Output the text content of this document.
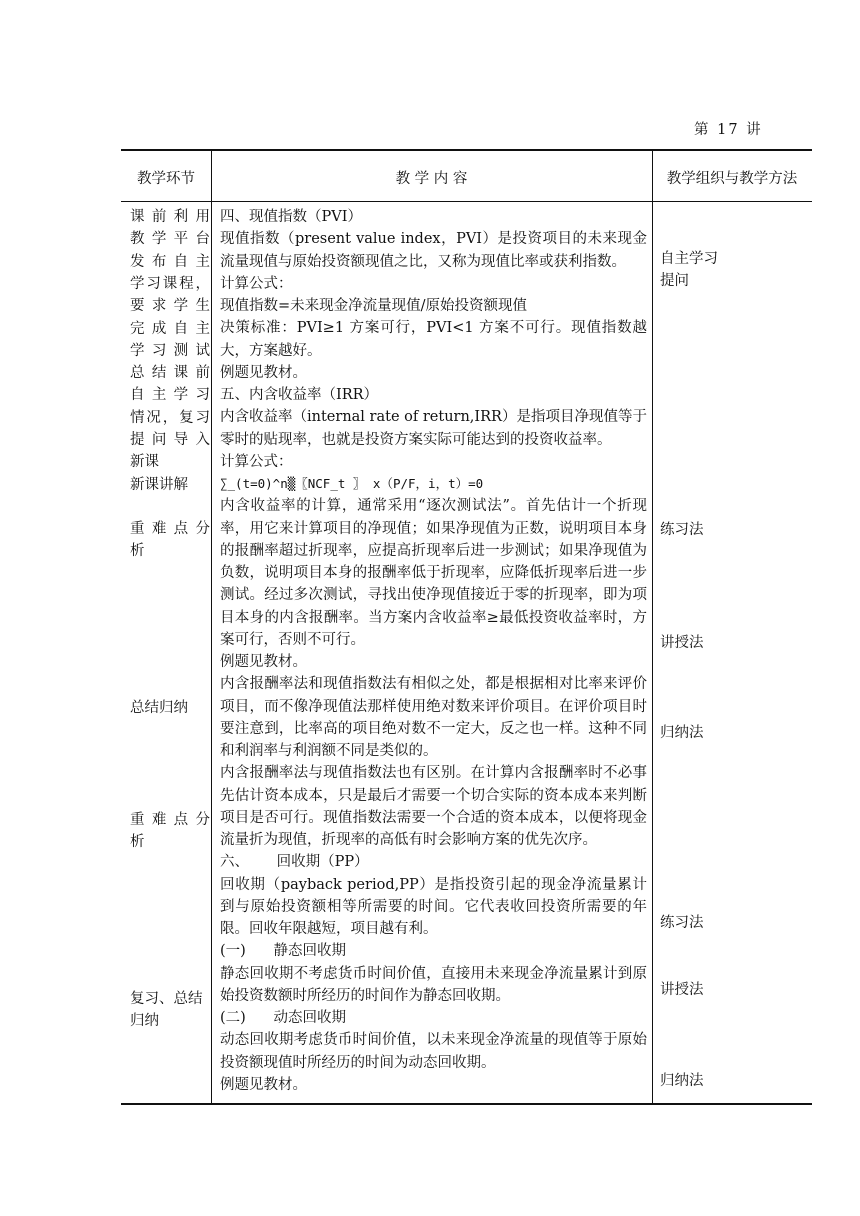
第 17 讲
教学环节	教 学 内 容	教学组织与教学方法
课前利用
教学平台
发布自主
学习课程，
要求学生
完成自主
学习测试
总结课前
自主学习
情况，复习
提问导入
新课
新课讲解
重难点分
析
总结归纳
重难点分
析
复习、总结
归纳

四、现值指数（PVI）

现值指数（present value index，PVI）是投资项目的未来现金流量现值与原始投资额现值之比，又称为现值比率或获利指数。

计算公式：

现值指数=未来现金净流量现值/原始投资额现值

决策标准：PVI≥1 方案可行，PVI<1 方案不可行。现值指数越大，方案越好。

例题见教材。

五、内含收益率（IRR）

内含收益率（internal rate of return,IRR）是指项目净现值等于零时的贴现率，也就是投资方案实际可能达到的投资收益率。

计算公式：

∑_(t=0)^n▒〖NCF_t 〗 x（P/F，i，t）=0

内含收益率的计算，通常采用“逐次测试法”。首先估计一个折现率，用它来计算项目的净现值；如果净现值为正数，说明项目本身的报酬率超过折现率，应提高折现率后进一步测试；如果净现值为负数，说明项目本身的报酬率低于折现率，应降低折现率后进一步测试。经过多次测试，寻找出使净现值接近于零的折现率，即为项目本身的内含报酬率。当方案内含收益率≥最低投资收益率时，方案可行，否则不可行。

例题见教材。

内含报酬率法和现值指数法有相似之处，都是根据相对比率来评价项目，而不像净现值法那样使用绝对数来评价项目。在评价项目时要注意到，比率高的项目绝对数不一定大，反之也一样。这种不同和利润率与利润额不同是类似的。

内含报酬率法与现值指数法也有区别。在计算内含报酬率时不必事先估计资本成本，只是最后才需要一个切合实际的资本成本来判断项目是否可行。现值指数法需要一个合适的资本成本，以便将现金流量折为现值，折现率的高低有时会影响方案的优先次序。

六、      回收期（PP）

回收期（payback period,PP）是指投资引起的现金净流量累计到与原始投资额相等所需要的时间。它代表收回投资所需要的年限。回收年限越短，项目越有利。

(一)      静态回收期

静态回收期不考虑货币时间价值，直接用未来现金净流量累计到原始投资数额时所经历的时间作为静态回收期。

(二)      动态回收期

动态回收期考虑货币时间价值，以未来现金净流量的现值等于原始投资额现值时所经历的时间为动态回收期。

例题见教材。

自主学习
提问
练习法
讲授法
归纳法
练习法
讲授法
归纳法
